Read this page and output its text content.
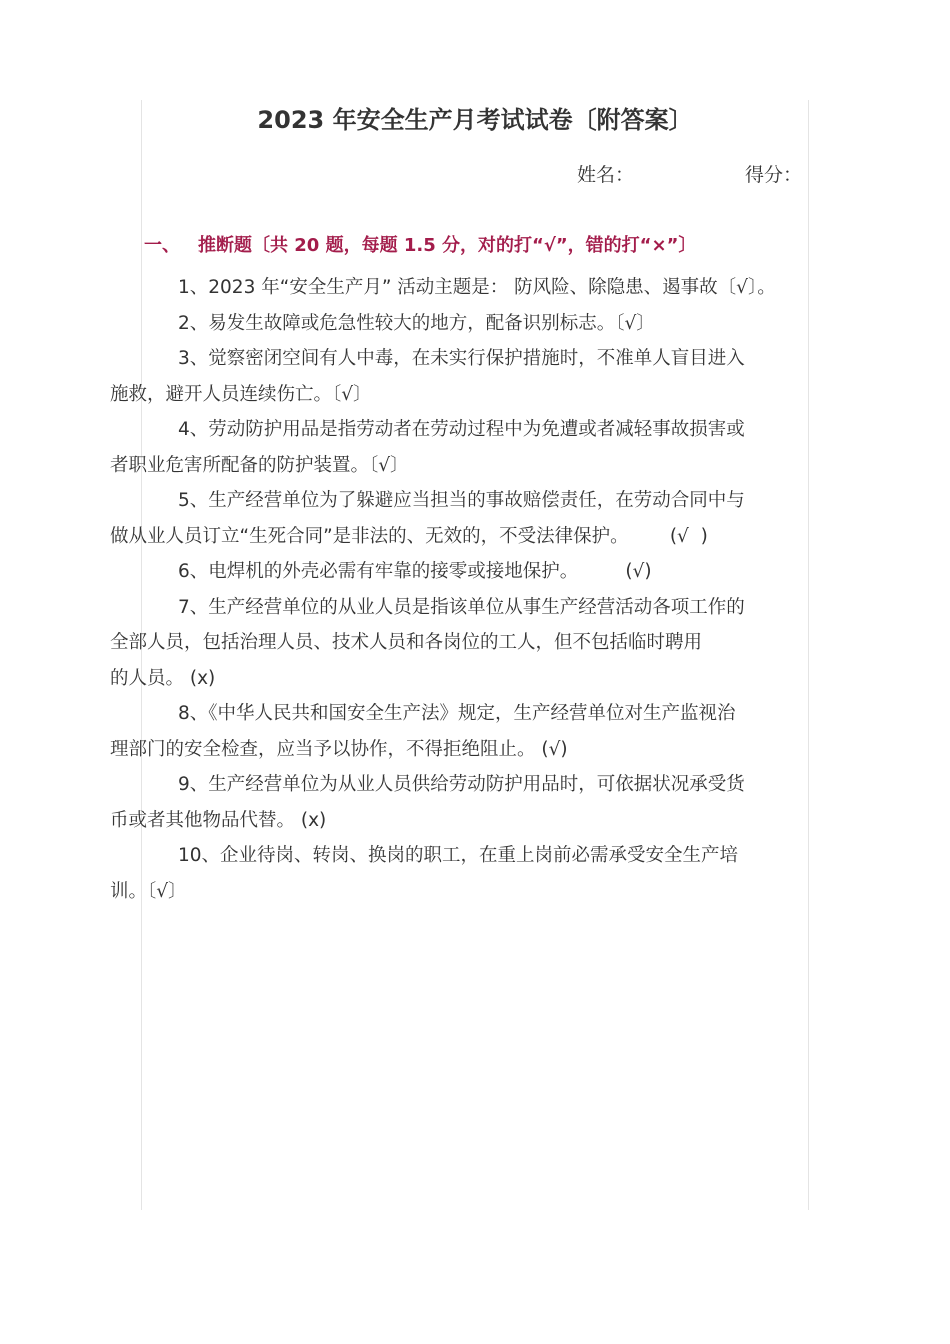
2023 年安全生产月考试试卷〔附答案〕
姓名：	得分：
一、 推断题〔共 20 题，每题 1.5 分，对的打“√”，错的打“×”〕
1、2023 年“安全生产月” 活动主题是： 防风险、除隐患、遏事故〔√〕。
2、易发生故障或危急性较大的地方，配备识别标志。〔√〕
3、觉察密闭空间有人中毒，在未实行保护措施时，不准单人盲目进入
施救，避开人员连续伤亡。〔√〕
4、劳动防护用品是指劳动者在劳动过程中为免遭或者减轻事故损害或
者职业危害所配备的防护装置。〔√〕
5、生产经营单位为了躲避应当担当的事故赔偿责任，在劳动合同中与
做从业人员订立“生死合同”是非法的、无效的，不受法律保护。       (√  )
6、电焊机的外壳必需有牢靠的接零或接地保护。        (√)
7、生产经营单位的从业人员是指该单位从事生产经营活动各项工作的
全部人员，包括治理人员、技术人员和各岗位的工人，但不包括临时聘用
的人员。 (x)
8、《中华人民共和国安全生产法》规定，生产经营单位对生产监视治
理部门的安全检查，应当予以协作，不得拒绝阻止。 (√)
9、生产经营单位为从业人员供给劳动防护用品时，可依据状况承受货
币或者其他物品代替。 (x)
10、企业待岗、转岗、换岗的职工，在重上岗前必需承受安全生产培
训。〔√〕
